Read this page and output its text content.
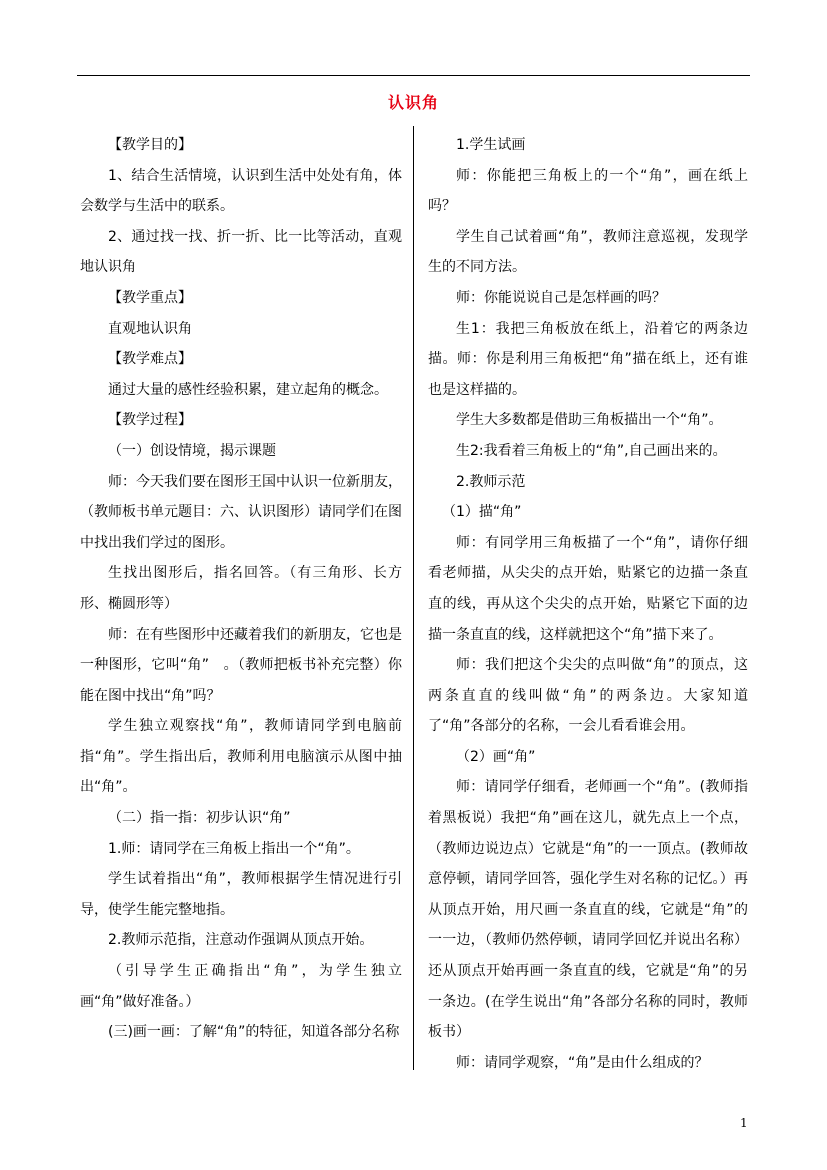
认识角

【教学目的】

1、结合生活情境，认识到生活中处处有角，体会数学与生活中的联系。

2、通过找一找、折一折、比一比等活动，直观地认识角

【教学重点】

直观地认识角

【教学难点】

通过大量的感性经验积累，建立起角的概念。

【教学过程】

（一）创设情境，揭示课题

师：今天我们要在图形王国中认识一位新朋友，（教师板书单元题目：六、认识图形）请同学们在图中找出我们学过的图形。

生找出图形后，指名回答。（有三角形、长方形、椭圆形等）

师：在有些图形中还藏着我们的新朋友，它也是一种图形，它叫“角”　。（教师把板书补充完整）你能在图中找出“角”吗？

学生独立观察找“角”，教师请同学到电脑前指“角”。学生指出后，教师利用电脑演示从图中抽出“角”。

（二）指一指：初步认识“角”

1.师：请同学在三角板上指出一个“角”。

学生试着指出“角”，教师根据学生情况进行引导，使学生能完整地指。

2.教师示范指，注意动作强调从顶点开始。

（引导学生正确指出“角”，为学生独立画“角”做好准备。）

(三)画一画：了解“角”的特征，知道各部分名称

1.学生试画

师：你能把三角板上的一个“角”，画在纸上吗？

学生自己试着画“角”，教师注意巡视，发现学生的不同方法。

师：你能说说自己是怎样画的吗？

生1：我把三角板放在纸上，沿着它的两条边描。师：你是利用三角板把“角”描在纸上，还有谁也是这样描的。

学生大多数都是借助三角板描出一个“角”。

生2:我看着三角板上的“角”,自己画出来的。

2.教师示范

（1）描“角”

师：有同学用三角板描了一个“角”，请你仔细看老师描，从尖尖的点开始，贴紧它的边描一条直直的线，再从这个尖尖的点开始，贴紧它下面的边描一条直直的线，这样就把这个“角”描下来了。

师：我们把这个尖尖的点叫做“角”的顶点，这两条直直的线叫做“角”的两条边。大家知道了“角”各部分的名称，一会儿看看谁会用。

（2）画“角”

师：请同学仔细看，老师画一个“角”。(教师指着黑板说）我把“角”画在这儿，就先点上一个点，（教师边说边点）它就是“角”的一一顶点。(教师故意停顿，请同学回答，强化学生对名称的记忆。）再从顶点开始，用尺画一条直直的线，它就是“角”的一一边，（教师仍然停顿，请同学回忆并说出名称）还从顶点开始再画一条直直的线，它就是“角”的另一条边。(在学生说出“角”各部分名称的同时，教师板书）

师：请同学观察，“角”是由什么组成的？

1
